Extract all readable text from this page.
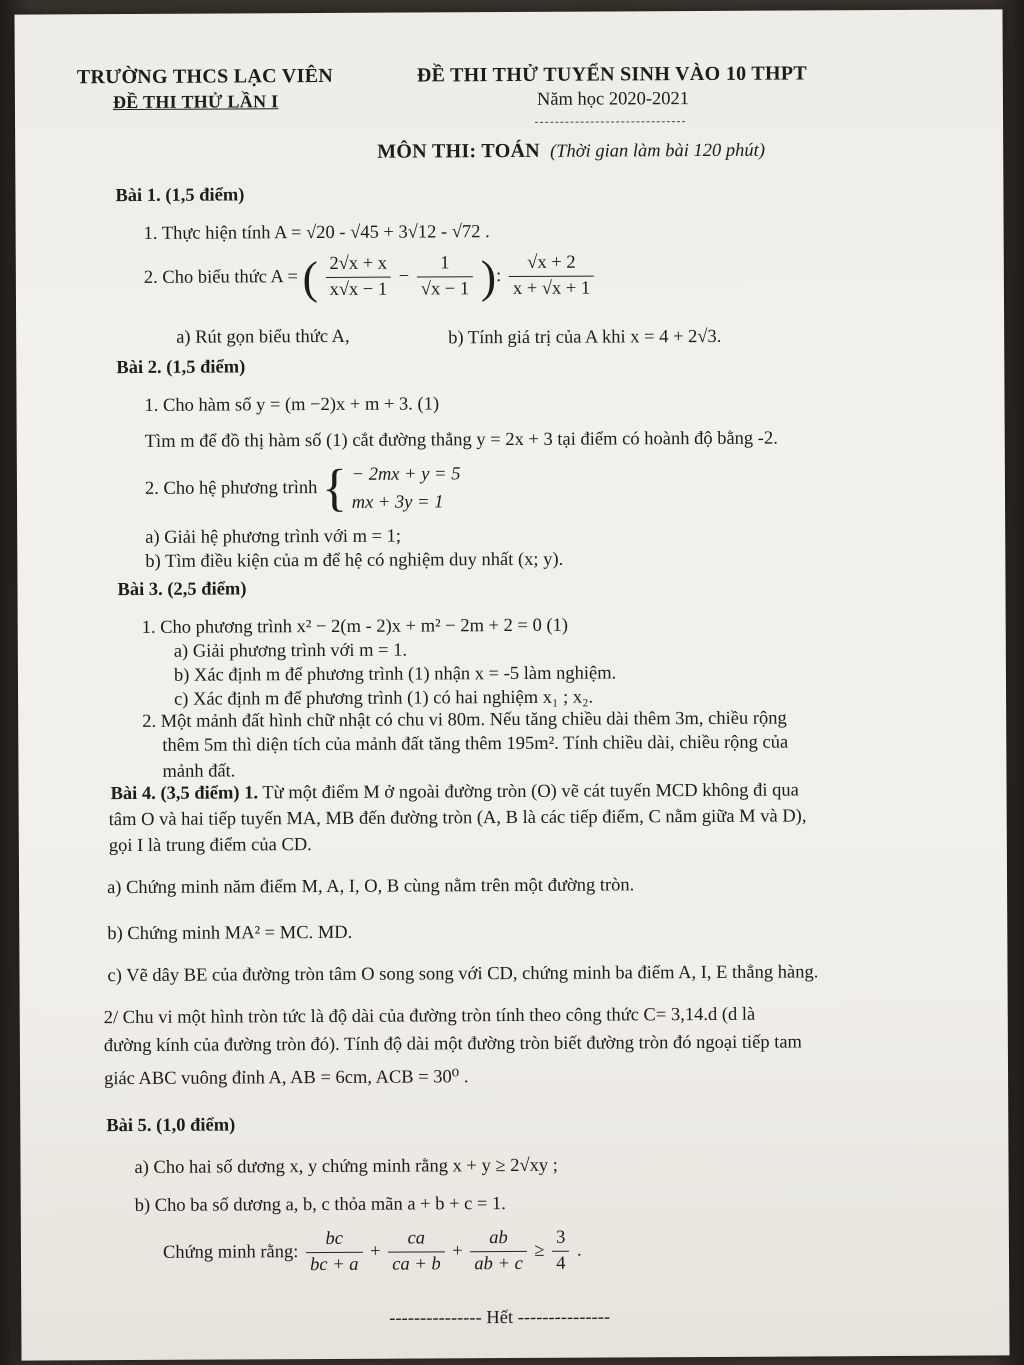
TRƯỜNG THCS LẠC VIÊN
ĐỀ THI THỬ LẦN I
ĐỀ THI THỬ TUYỂN SINH VÀO 10 THPT
Năm học 2020-2021
MÔN THI: TOÁN (Thời gian làm bài 120 phút)
Bài 1. (1,5 điểm)
1. Thực hiện tính A = √20 - √45 + 3√12 - √72 .
2. Cho biểu thức A = ( $\frac{2√x + x}{x√x - 1} - \frac{1}{√x - 1}$ ): $\frac{√x + 2}{x + √x + 1}$
a) Rút gọn biểu thức A,	b) Tính giá trị của A khi x = 4 + 2√3.
Bài 2. (1,5 điểm)
1. Cho hàm số y = (m −2)x + m + 3. (1)
Tìm m để đồ thị hàm số (1) cắt đường thẳng y = 2x + 3 tại điểm có hoành độ bằng -2.
2. Cho hệ phương trình { − 2mx + y = 5
mx + 3y = 1
a) Giải hệ phương trình với m = 1;
b) Tìm điều kiện của m để hệ có nghiệm duy nhất (x; y).
Bài 3. (2,5 điểm)
1. Cho phương trình x² − 2(m - 2)x + m² − 2m + 2 = 0 (1)
a) Giải phương trình với m = 1.
b) Xác định m để phương trình (1) nhận x = -5 làm nghiệm.
c) Xác định m để phương trình (1) có hai nghiệm x₁ ; x₂.
2. Một mảnh đất hình chữ nhật có chu vi 80m. Nếu tăng chiều dài thêm 3m, chiều rộng
thêm 5m thì diện tích của mảnh đất tăng thêm 195m². Tính chiều dài, chiều rộng của
mảnh đất.
Bài 4. (3,5 điểm) 1. Từ một điểm M ở ngoài đường tròn (O) vẽ cát tuyến MCD không đi qua
tâm O và hai tiếp tuyến MA, MB đến đường tròn (A, B là các tiếp điểm, C nằm giữa M và D),
gọi I là trung điểm của CD.
a) Chứng minh năm điểm M, A, I, O, B cùng nằm trên một đường tròn.
b) Chứng minh MA² = MC. MD.
c) Vẽ dây BE của đường tròn tâm O song song với CD, chứng minh ba điểm A, I, E thẳng hàng.
2/ Chu vi một hình tròn tức là độ dài của đường tròn tính theo công thức C= 3,14.d (d là
đường kính của đường tròn đó). Tính độ dài một đường tròn biết đường tròn đó ngoại tiếp tam
giác ABC vuông đỉnh A, AB = 6cm, ACB = 30⁰ .
Bài 5. (1,0 điểm)
a) Cho hai số dương x, y chứng minh rằng x + y ≥ 2√xy ;
b) Cho ba số dương a, b, c thỏa mãn a + b + c = 1.
Chứng minh rằng: $\frac{bc}{bc + a} + \frac{ca}{ca + b} + \frac{ab}{ab + c} \ge \frac{3}{4}$ .
--------------- Hết ---------------
